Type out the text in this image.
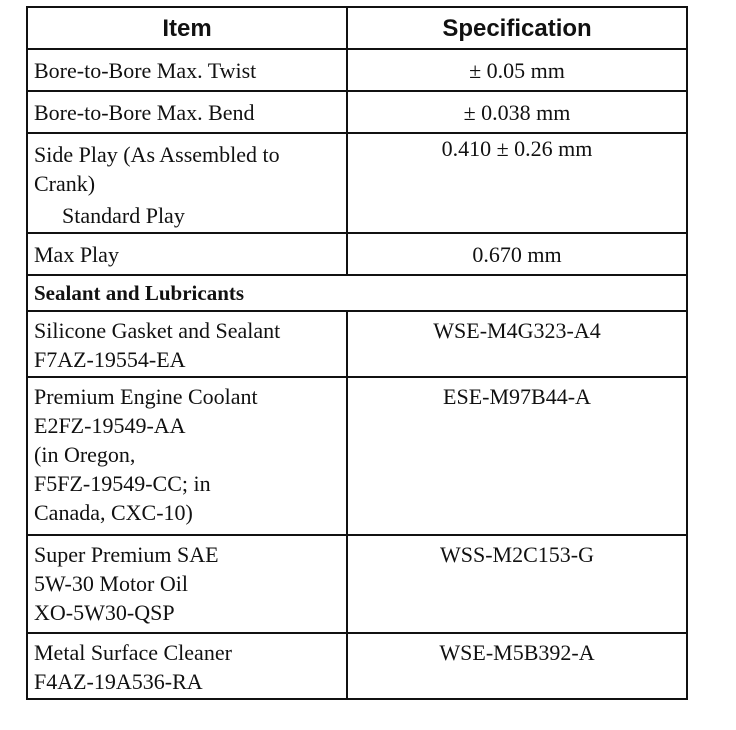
Item	Specification
Bore-to-Bore Max. Twist	± 0.05 mm
Bore-to-Bore Max. Bend	± 0.038 mm

Side Play (As Assembled to Crank)
Standard Play	0.410 ± 0.26 mm
Max Play	0.670 mm
Sealant and Lubricants	

Silicone Gasket and Sealant
F7AZ-19554-EA	WSE-M4G323-A4

Premium Engine Coolant
E2FZ-19549-AA
(in Oregon,
F5FZ-19549-CC; in
Canada, CXC-10)	ESE-M97B44-A

Super Premium SAE
5W-30 Motor Oil
XO-5W30-QSP	WSS-M2C153-G

Metal Surface Cleaner
F4AZ-19A536-RA	WSE-M5B392-A
